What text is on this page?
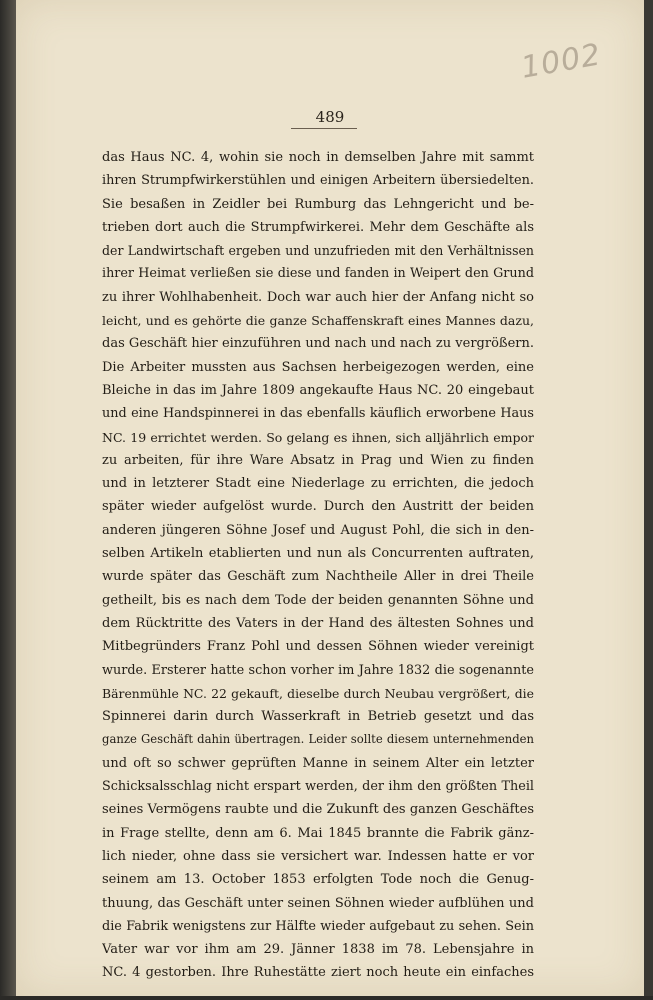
1002
489
das Haus NC. 4, wohin sie noch in demselben Jahre mit sammt
ihren Strumpfwirkerstühlen und einigen Arbeitern übersiedelten.
Sie besaßen in Zeidler bei Rumburg das Lehngericht und be-
trieben dort auch die Strumpfwirkerei. Mehr dem Geschäfte als
der Landwirtschaft ergeben und unzufrieden mit den Verhältnissen
ihrer Heimat verließen sie diese und fanden in Weipert den Grund
zu ihrer Wohlhabenheit. Doch war auch hier der Anfang nicht so
leicht, und es gehörte die ganze Schaffenskraft eines Mannes dazu,
das Geschäft hier einzuführen und nach und nach zu vergrößern.
Die Arbeiter mussten aus Sachsen herbeigezogen werden, eine
Bleiche in das im Jahre 1809 angekaufte Haus NC. 20 eingebaut
und eine Handspinnerei in das ebenfalls käuflich erworbene Haus
NC. 19 errichtet werden. So gelang es ihnen, sich alljährlich empor
zu arbeiten, für ihre Ware Absatz in Prag und Wien zu finden
und in letzterer Stadt eine Niederlage zu errichten, die jedoch
später wieder aufgelöst wurde. Durch den Austritt der beiden
anderen jüngeren Söhne Josef und August Pohl, die sich in den-
selben Artikeln etablierten und nun als Concurrenten auftraten,
wurde später das Geschäft zum Nachtheile Aller in drei Theile
getheilt, bis es nach dem Tode der beiden genannten Söhne und
dem Rücktritte des Vaters in der Hand des ältesten Sohnes und
Mitbegründers Franz Pohl und dessen Söhnen wieder vereinigt
wurde. Ersterer hatte schon vorher im Jahre 1832 die sogenannte
Bärenmühle NC. 22 gekauft, dieselbe durch Neubau vergrößert, die
Spinnerei darin durch Wasserkraft in Betrieb gesetzt und das
ganze Geschäft dahin übertragen. Leider sollte diesem unternehmenden
und oft so schwer geprüften Manne in seinem Alter ein letzter
Schicksalsschlag nicht erspart werden, der ihm den größten Theil
seines Vermögens raubte und die Zukunft des ganzen Geschäftes
in Frage stellte, denn am 6. Mai 1845 brannte die Fabrik gänz-
lich nieder, ohne dass sie versichert war. Indessen hatte er vor
seinem am 13. October 1853 erfolgten Tode noch die Genug-
thuung, das Geschäft unter seinen Söhnen wieder aufblühen und
die Fabrik wenigstens zur Hälfte wieder aufgebaut zu sehen. Sein
Vater war vor ihm am 29. Jänner 1838 im 78. Lebensjahre in
NC. 4 gestorben. Ihre Ruhestätte ziert noch heute ein einfaches
